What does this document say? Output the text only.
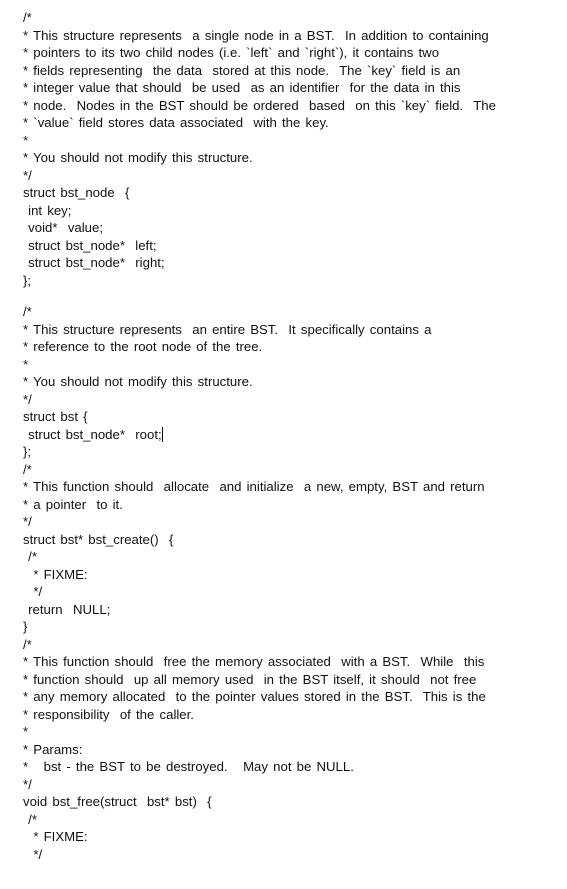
/*
* This structure represents  a single node in a BST.  In addition to containing
* pointers to its two child nodes (i.e. `left` and `right`), it contains two
* fields representing  the data  stored at this node.  The `key` field is an
* integer value that should  be used  as an identifier  for the data in this
* node.  Nodes in the BST should be ordered  based  on this `key` field.  The
* `value` field stores data associated  with the key.
*
* You should not modify this structure.
*/
struct bst_node  {
int key;
void*  value;
struct bst_node*  left;
struct bst_node*  right;
};
/*
* This structure represents  an entire BST.  It specifically contains a
* reference to the root node of the tree.
*
* You should not modify this structure.
*/
struct bst {
struct bst_node*  root;
};
/*
* This function should  allocate  and initialize  a new, empty, BST and return
* a pointer  to it.
*/
struct bst* bst_create()  {
/*
* FIXME:
*/
return  NULL;
}
/*
* This function should  free the memory associated  with a BST.  While  this
* function should  up all memory used  in the BST itself, it should  not free
* any memory allocated  to the pointer values stored in the BST.  This is the
* responsibility  of the caller.
*
* Params:
*   bst - the BST to be destroyed.   May not be NULL.
*/
void bst_free(struct  bst* bst)  {
/*
* FIXME:
*/
